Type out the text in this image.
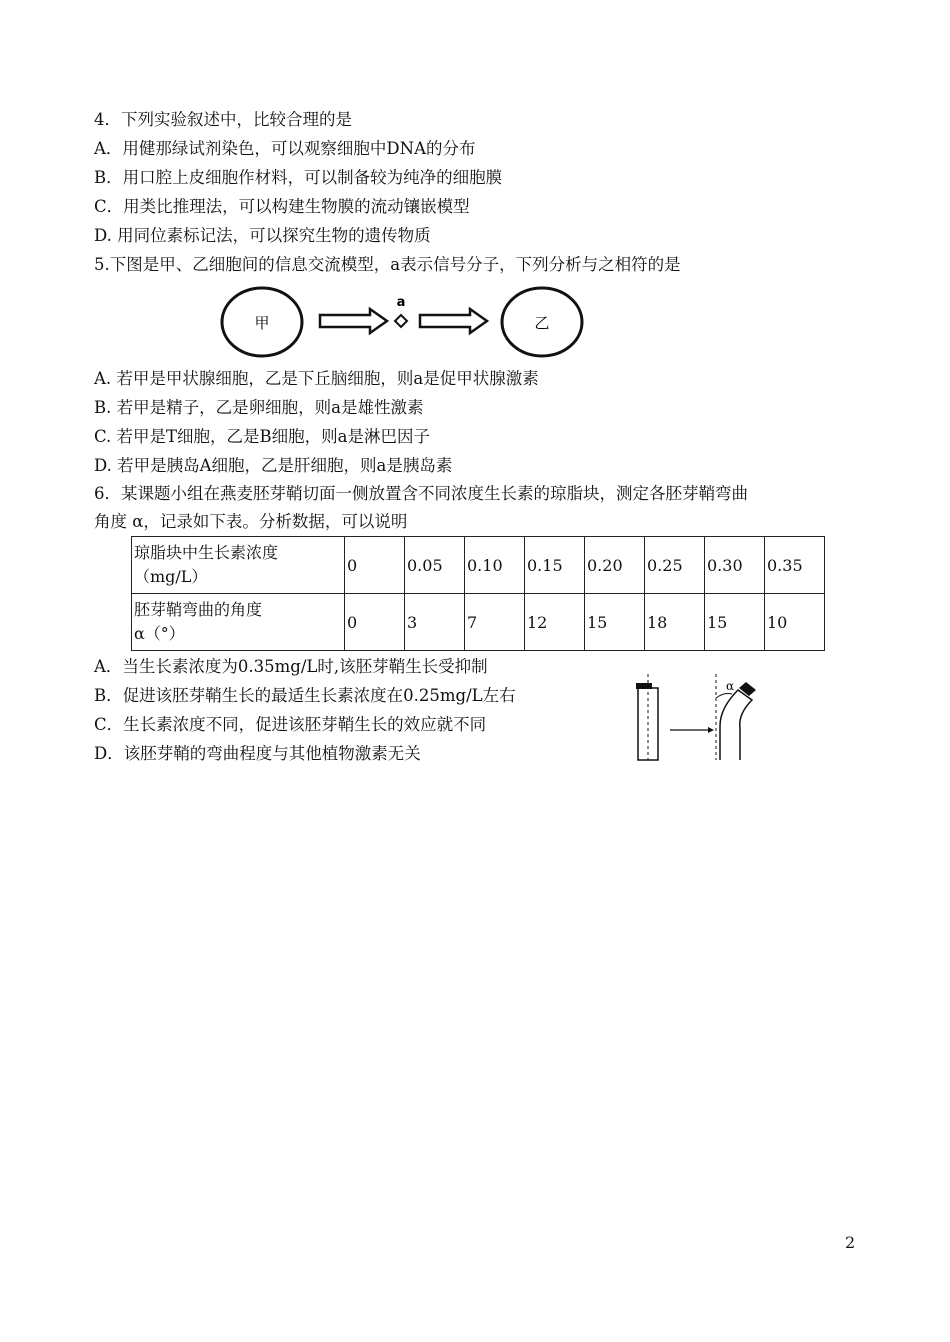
4．下列实验叙述中，比较合理的是
A．用健那绿试剂染色，可以观察细胞中DNA的分布
B．用口腔上皮细胞作材料，可以制备较为纯净的细胞膜
C．用类比推理法，可以构建生物膜的流动镶嵌模型
D. 用同位素标记法，可以探究生物的遗传物质
5.下图是甲、乙细胞间的信息交流模型，a表示信号分子，下列分析与之相符的是
甲
a
乙
A. 若甲是甲状腺细胞，乙是下丘脑细胞，则a是促甲状腺激素
B. 若甲是精子，乙是卵细胞，则a是雄性激素
C. 若甲是T细胞，乙是B细胞，则a是淋巴因子
D. 若甲是胰岛A细胞，乙是肝细胞，则a是胰岛素
6．某课题小组在燕麦胚芽鞘切面一侧放置含不同浓度生长素的琼脂块，测定各胚芽鞘弯曲
角度 α，记录如下表。分析数据，可以说明
琼脂块中生长素浓度
（mg/L）	0	0.05	0.10	0.15	0.20	0.25	0.30	0.35

胚芽鞘弯曲的角度
α（°）	0	3	7	12	15	18	15	10
A．当生长素浓度为0.35mg/L时,该胚芽鞘生长受抑制
B．促进该胚芽鞘生长的最适生长素浓度在0.25mg/L左右
C．生长素浓度不同，促进该胚芽鞘生长的效应就不同
D．该胚芽鞘的弯曲程度与其他植物激素无关
α
2
